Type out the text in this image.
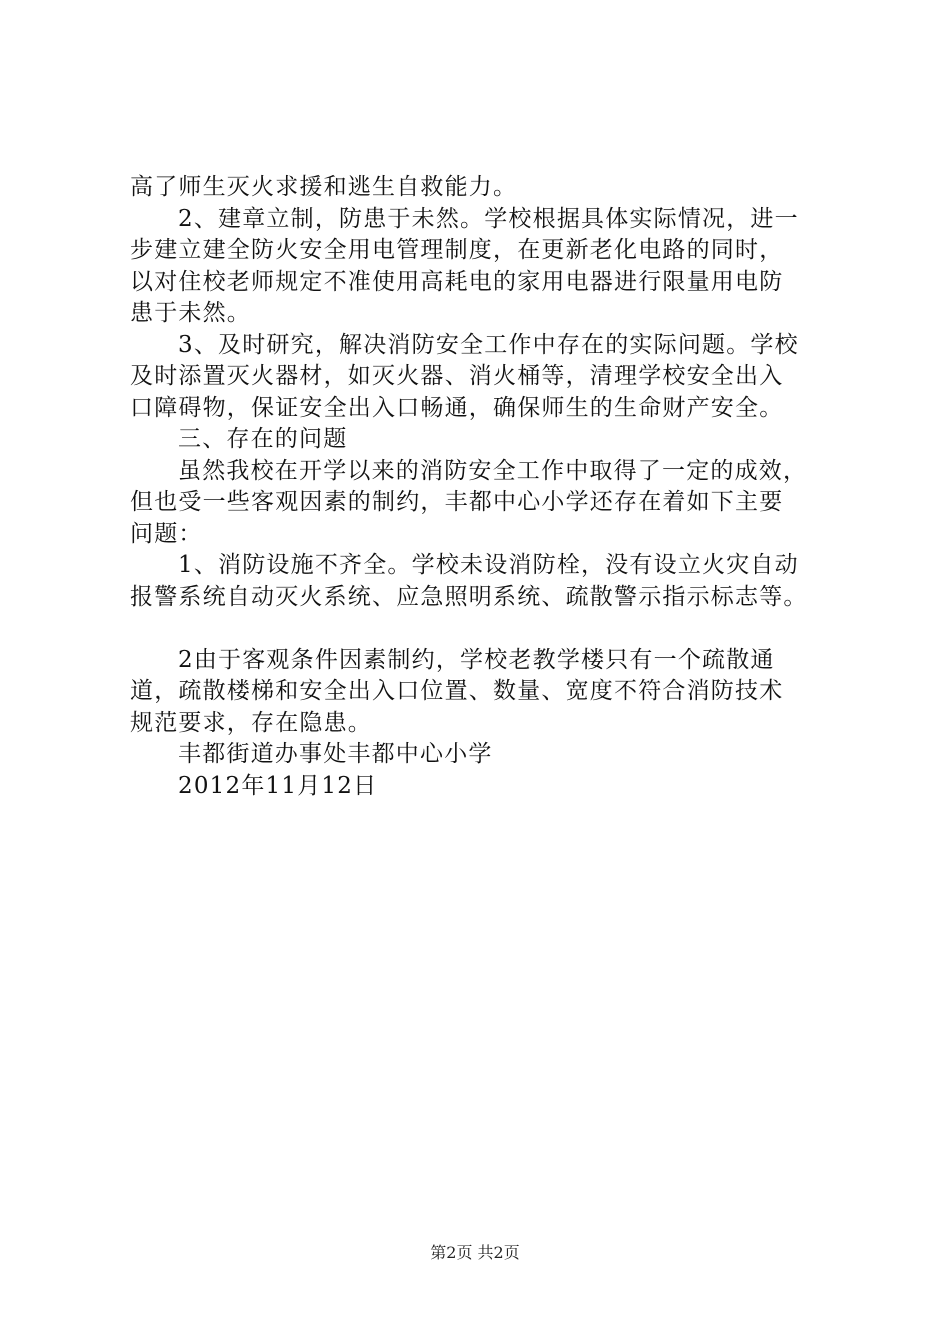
高了师生灭火求援和逃生自救能力。
2、建章立制，防患于未然。学校根据具体实际情况，进一
步建立建全防火安全用电管理制度，在更新老化电路的同时，
以对住校老师规定不准使用高耗电的家用电器进行限量用电防
患于未然。
3、及时研究，解决消防安全工作中存在的实际问题。学校
及时添置灭火器材，如灭火器、消火桶等，清理学校安全出入
口障碍物，保证安全出入口畅通，确保师生的生命财产安全。
三、存在的问题
虽然我校在开学以来的消防安全工作中取得了一定的成效，
但也受一些客观因素的制约，丰都中心小学还存在着如下主要
问题：
1、消防设施不齐全。学校未设消防栓，没有设立火灾自动
报警系统自动灭火系统、应急照明系统、疏散警示指示标志等。
2由于客观条件因素制约，学校老教学楼只有一个疏散通
道，疏散楼梯和安全出入口位置、数量、宽度不符合消防技术
规范要求，存在隐患。
丰都街道办事处丰都中心小学
2012年11月12日
第2页 共2页
